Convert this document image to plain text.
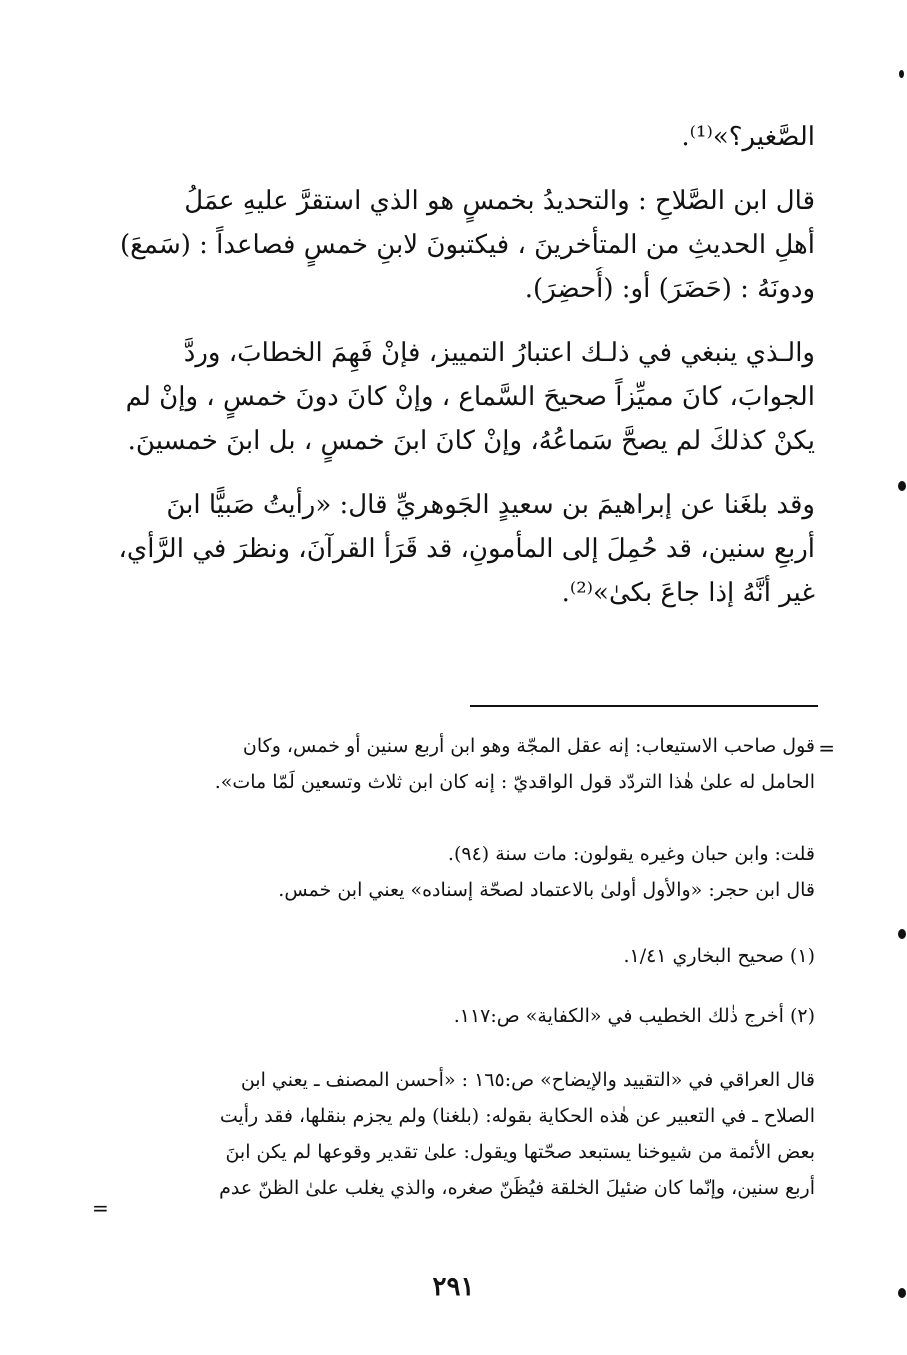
الصَّغير؟»⁽¹⁾.
قال ابن الصَّلاحِ : والتحديدُ بخمسٍ هو الذي استقرَّ عليهِ عمَلُ
أهلِ الحديثِ من المتأخرينَ ، فيكتبونَ لابنِ خمسٍ فصاعداً : (سَمعَ)
ودونَهُ : (حَضَرَ) أو: (أُحضِرَ).
والـذي ينبغي في ذلـك اعتبارُ التمييز، فإنْ فَهِمَ الخطابَ، وردَّ
الجوابَ، كانَ مميِّزاً صحيحَ السَّماع ، وإنْ كانَ دونَ خمسٍ ، وإنْ لم
يكنْ كذلكَ لم يصحَّ سَماعُهُ، وإنْ كانَ ابنَ خمسٍ ، بل ابنَ خمسينَ.
وقد بلغَنا عن إبراهيمَ بن سعيدٍ الجَوهريِّ قال: «رأيتُ صَبيًّا ابنَ
أربعِ سنين، قد حُمِلَ إلى المأمونِ، قد قَرَأ القرآنَ، ونظرَ في الرَّأي،
غير أنَّهُ إذا جاعَ بكىٰ»⁽²⁾.
=
قول صاحب الاستيعاب: إنه عقل المجّة وهو ابن أربع سنين أو خمس، وكان
الحامل له علىٰ هٰذا التردّد قول الواقديّ : إنه كان ابن ثلاث وتسعين لَمّا مات».
قلت: وابن حبان وغيره يقولون: مات سنة (٩٤).
قال ابن حجر: «والأول أولىٰ بالاعتماد لصحّة إسناده» يعني ابن خمس.
(١) صحيح البخاري ١/٤١.
(٢) أخرج ذٰلك الخطيب في «الكفاية» ص:١١٧.
قال العراقي في «التقييد والإيضاح» ص:١٦٥ : «أحسن المصنف ـ يعني ابن
الصلاح ـ في التعبير عن هٰذه الحكاية بقوله: (بلغنا) ولم يجزم بنقلها، فقد رأيت
بعض الأئمة من شيوخنا يستبعد صحّتها ويقول: علىٰ تقدير وقوعها لم يكن ابنَ
أربع سنين، وإنّما كان ضئيلَ الخلقة فيُظَنّ صغره، والذي يغلب علىٰ الظنّ عدم
=
٢٩١
